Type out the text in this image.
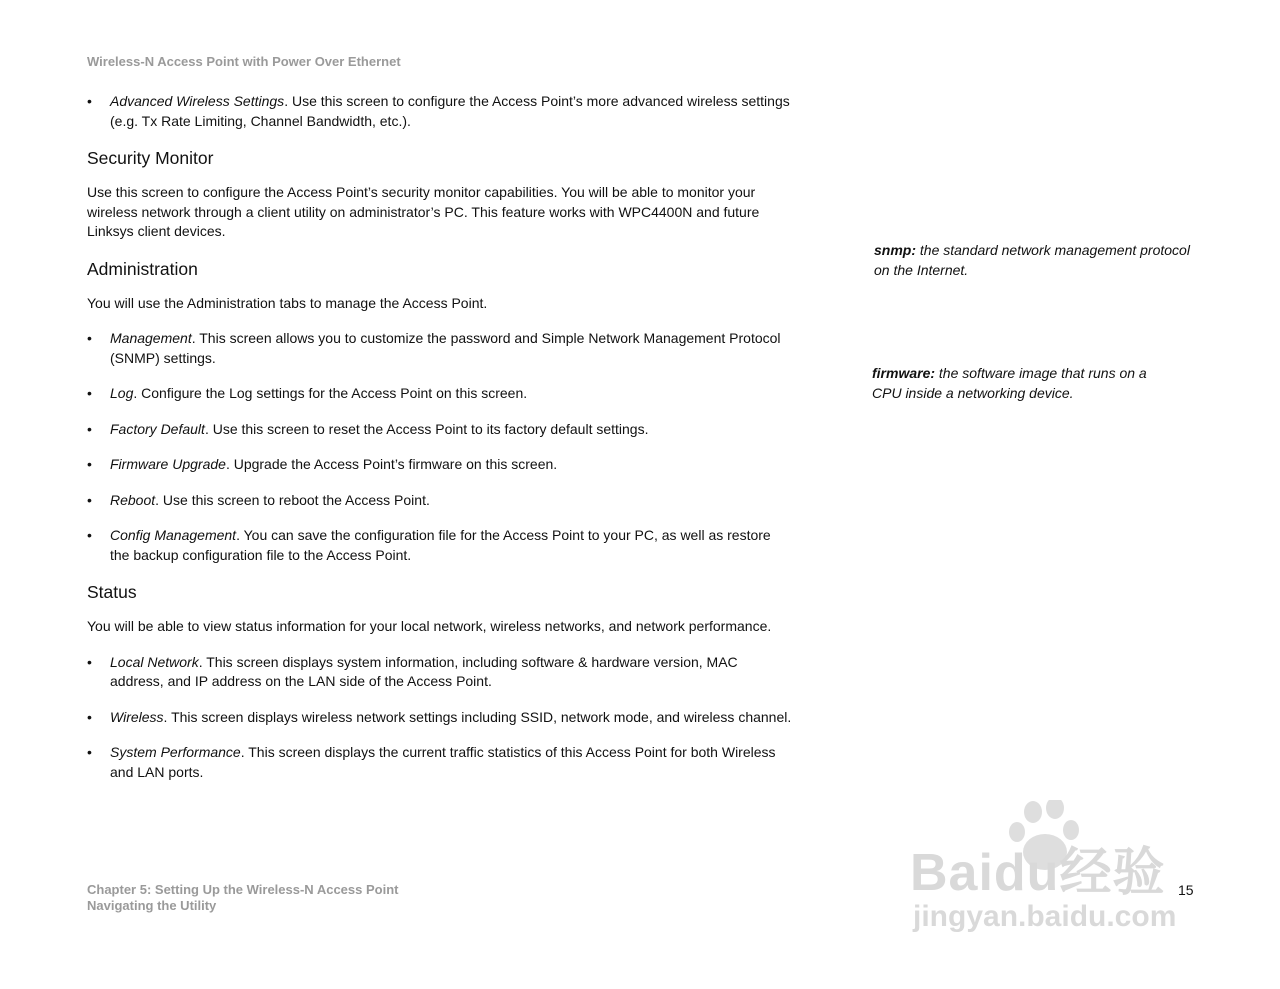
Wireless-N Access Point with Power Over Ethernet
• Advanced Wireless Settings. Use this screen to configure the Access Point’s more advanced wireless settings (e.g. Tx Rate Limiting, Channel Bandwidth, etc.).
Security Monitor
Use this screen to configure the Access Point’s security monitor capabilities. You will be able to monitor your wireless network through a client utility on administrator’s PC. This feature works with WPC4400N and future Linksys client devices.
Administration
You will use the Administration tabs to manage the Access Point.
• Management. This screen allows you to customize the password and Simple Network Management Protocol (SNMP) settings.
• Log. Configure the Log settings for the Access Point on this screen.
• Factory Default. Use this screen to reset the Access Point to its factory default settings.
• Firmware Upgrade. Upgrade the Access Point’s firmware on this screen.
• Reboot. Use this screen to reboot the Access Point.
• Config Management. You can save the configuration file for the Access Point to your PC, as well as restore the backup configuration file to the Access Point.
Status
You will be able to view status information for your local network, wireless networks, and network performance.
• Local Network. This screen displays system information, including software & hardware version, MAC address, and IP address on the LAN side of the Access Point.
• Wireless. This screen displays wireless network settings including SSID, network mode, and wireless channel.
• System Performance. This screen displays the current traffic statistics of this Access Point for both Wireless and LAN ports.
snmp: the standard network management protocol on the Internet.
firmware: the software image that runs on a CPU inside a networking device.
Chapter 5: Setting Up the Wireless-N Access Point
Navigating the Utility
15
Baidu经验
jingyan.baidu.com
